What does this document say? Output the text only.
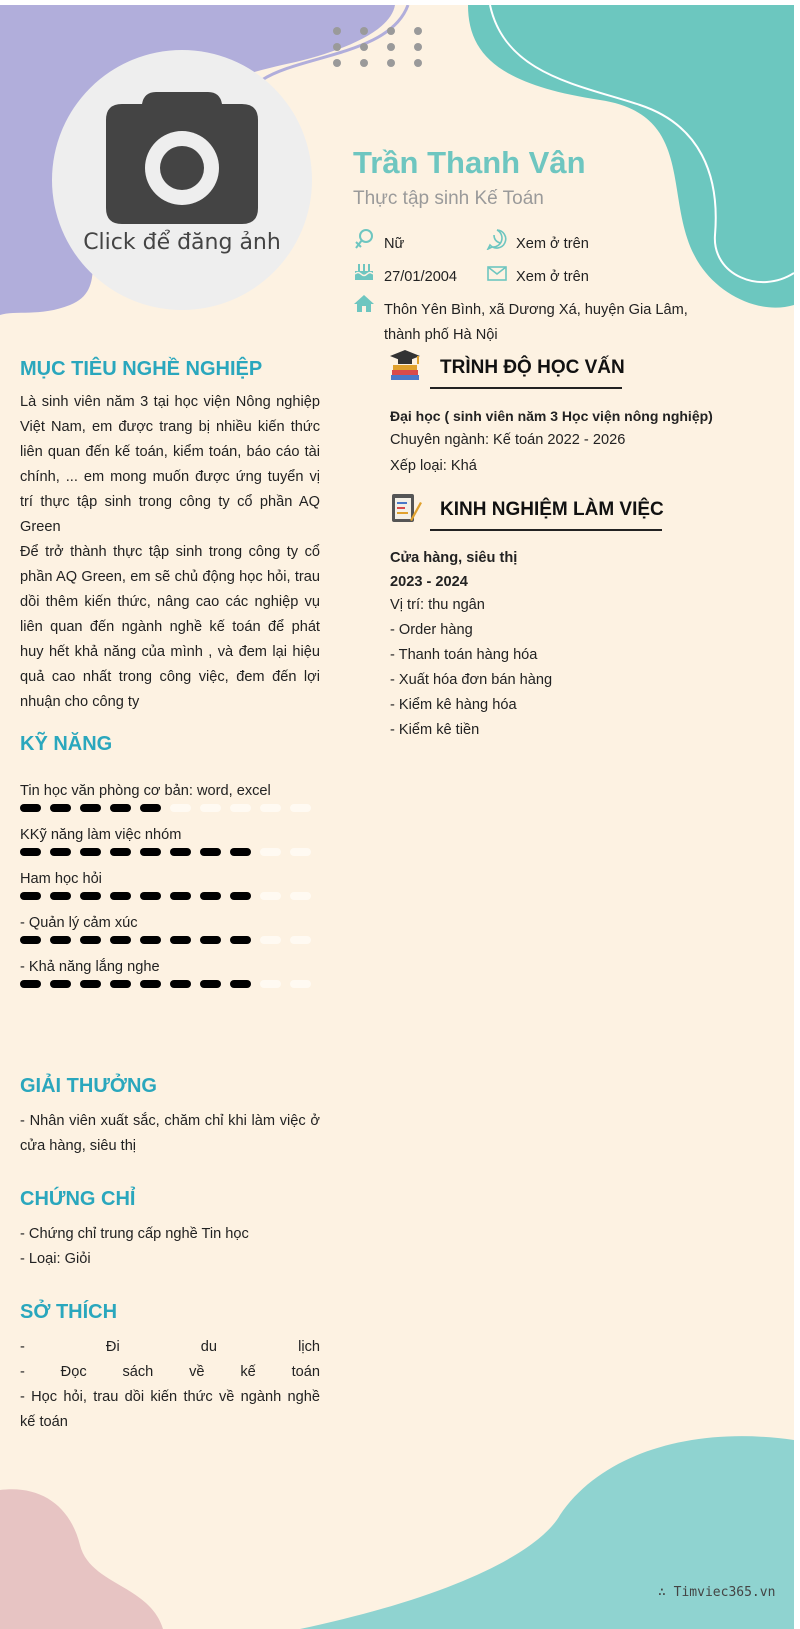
Click để đăng ảnh
Trần Thanh Vân
Thực tập sinh Kế Toán
Nữ	Xem ở trên
27/01/2004	Xem ở trên
Thôn Yên Bình, xã Dương Xá, huyện Gia Lâm,
thành phố Hà Nội
MỤC TIÊU NGHỀ NGHIỆP
Là sinh viên năm 3 tại học viện Nông nghiệp
Việt Nam, em được trang bị nhiều kiến thức
liên quan đến kế toán, kiểm toán, báo cáo tài
chính, ... em mong muốn được ứng tuyển vị
trí thực tập sinh trong công ty cổ phần AQ
Green
Để trở thành thực tập sinh trong công ty cổ
phần AQ Green, em sẽ chủ động học hỏi, trau
dồi thêm kiến thức, nâng cao các nghiệp vụ
liên quan đến ngành nghề kế toán để phát
huy hết khả năng của mình , và đem lại hiệu
quả cao nhất trong công việc, đem đến lợi
nhuận cho công ty
KỸ NĂNG
GIẢI THƯỞNG
- Nhân viên xuất sắc, chăm chỉ khi làm việc ở
cửa hàng, siêu thị
CHỨNG CHỈ
- Chứng chỉ trung cấp nghề Tin học
- Loại: Giỏi
SỞ THÍCH
- Đi du lịch
- Đọc sách về kế toán
- Học hỏi, trau dồi kiến thức về ngành nghề
kế toán
TRÌNH ĐỘ HỌC VẤN
Đại học ( sinh viên năm 3 Học viện nông nghiệp)
Chuyên ngành: Kế toán 2022 - 2026
Xếp loại: Khá
KINH NGHIỆM LÀM VIỆC
Cửa hàng, siêu thị
2023 - 2024
Vị trí: thu ngân
- Order hàng
- Thanh toán hàng hóa
- Xuất hóa đơn bán hàng
- Kiểm kê hàng hóa
- Kiểm kê tiền
∴ Timviec365.vn
Tin học văn phòng cơ bản: word, excel
KKỹ năng làm việc nhóm
Ham học hỏi
- Quản lý cảm xúc
- Khả năng lắng nghe
